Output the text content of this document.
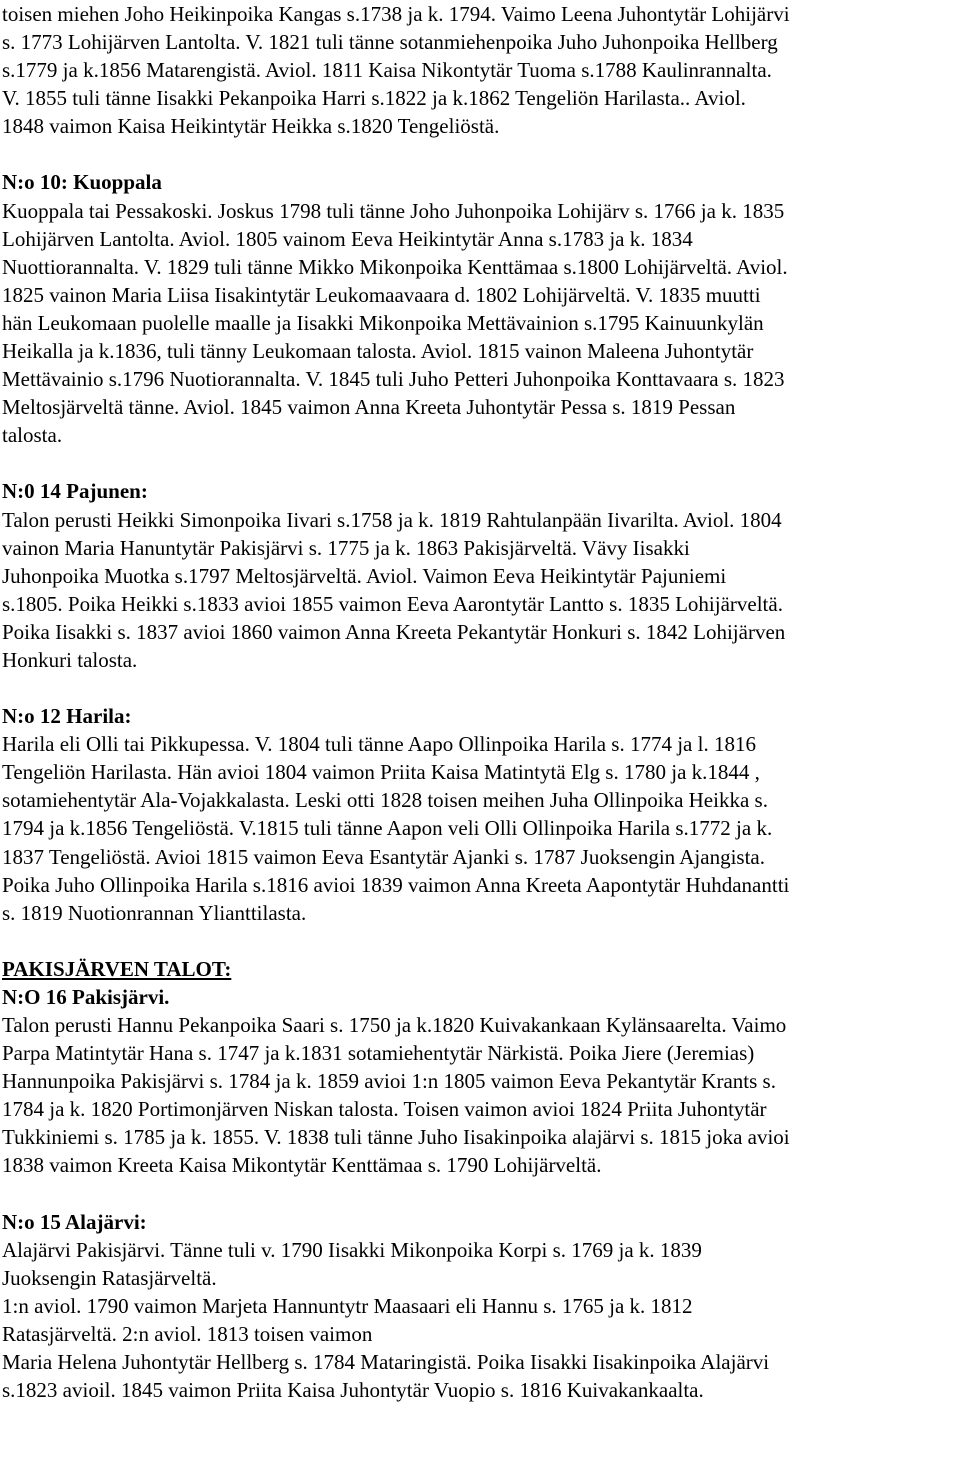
toisen miehen Joho Heikinpoika Kangas s.1738 ja k. 1794. Vaimo Leena Juhontytär Lohijärvi
s. 1773 Lohijärven Lantolta. V. 1821 tuli tänne sotanmiehenpoika Juho Juhonpoika Hellberg
s.1779 ja k.1856 Matarengistä. Aviol. 1811 Kaisa Nikontytär Tuoma s.1788 Kaulinrannalta.
V. 1855 tuli tänne Iisakki Pekanpoika Harri s.1822 ja k.1862 Tengeliön Harilasta.. Aviol.
1848 vaimon Kaisa Heikintytär Heikka s.1820 Tengeliöstä.
N:o 10: Kuoppala
Kuoppala tai Pessakoski. Joskus 1798 tuli tänne Joho Juhonpoika Lohijärv s. 1766 ja k. 1835
Lohijärven Lantolta. Aviol. 1805 vainom Eeva Heikintytär Anna s.1783 ja k. 1834
Nuottiorannalta. V. 1829 tuli tänne Mikko Mikonpoika Kenttämaa s.1800 Lohijärveltä. Aviol.
1825 vainon Maria Liisa Iisakintytär Leukomaavaara d. 1802 Lohijärveltä. V. 1835 muutti
hän Leukomaan puolelle maalle ja Iisakki Mikonpoika Mettävainion s.1795 Kainuunkylän
Heikalla ja k.1836, tuli tänny Leukomaan talosta. Aviol. 1815 vainon Maleena Juhontytär
Mettävainio s.1796 Nuotiorannalta. V. 1845 tuli Juho Petteri Juhonpoika Konttavaara s. 1823
Meltosjärveltä tänne. Aviol. 1845 vaimon Anna Kreeta Juhontytär Pessa s. 1819 Pessan
talosta.
N:0 14 Pajunen:
Talon perusti Heikki Simonpoika Iivari s.1758 ja k. 1819 Rahtulanpään Iivarilta. Aviol. 1804
vainon Maria Hanuntytär Pakisjärvi s. 1775 ja k. 1863 Pakisjärveltä. Vävy Iisakki
Juhonpoika Muotka s.1797 Meltosjärveltä. Aviol. Vaimon Eeva Heikintytär Pajuniemi
s.1805. Poika Heikki s.1833 avioi 1855 vaimon Eeva Aarontytär Lantto s. 1835 Lohijärveltä.
Poika Iisakki s. 1837 avioi 1860 vaimon Anna Kreeta Pekantytär Honkuri s. 1842 Lohijärven
Honkuri talosta.
N:o 12 Harila:
Harila eli Olli tai Pikkupessa. V. 1804 tuli tänne Aapo Ollinpoika Harila s. 1774 ja l. 1816
Tengeliön Harilasta. Hän avioi 1804 vaimon Priita Kaisa Matintytä Elg s. 1780 ja k.1844 ,
sotamiehentytär Ala-Vojakkalasta. Leski otti 1828 toisen meihen Juha Ollinpoika Heikka s.
1794 ja k.1856 Tengeliöstä. V.1815 tuli tänne Aapon veli Olli Ollinpoika Harila s.1772 ja k.
1837 Tengeliöstä. Avioi 1815 vaimon Eeva Esantytär Ajanki s. 1787 Juoksengin Ajangista.
Poika Juho Ollinpoika Harila s.1816 avioi 1839 vaimon Anna Kreeta Aapontytär Huhdanantti
s. 1819 Nuotionrannan Ylianttilasta.
PAKISJÄRVEN TALOT:
N:O 16 Pakisjärvi.
Talon perusti Hannu Pekanpoika Saari s. 1750 ja k.1820 Kuivakankaan Kylänsaarelta. Vaimo
Parpa Matintytär Hana s. 1747 ja k.1831 sotamiehentytär Närkistä. Poika Jiere (Jeremias)
Hannunpoika Pakisjärvi s. 1784 ja k. 1859 avioi 1:n 1805 vaimon Eeva Pekantytär Krants s.
1784 ja k. 1820 Portimonjärven Niskan talosta. Toisen vaimon avioi 1824 Priita Juhontytär
Tukkiniemi s. 1785 ja k. 1855. V. 1838 tuli tänne Juho Iisakinpoika alajärvi s. 1815 joka avioi
1838 vaimon Kreeta Kaisa Mikontytär Kenttämaa s. 1790 Lohijärveltä.
N:o 15 Alajärvi:
Alajärvi Pakisjärvi. Tänne tuli v. 1790 Iisakki Mikonpoika Korpi s. 1769 ja k. 1839
Juoksengin Ratasjärveltä.
1:n aviol. 1790 vaimon Marjeta Hannuntytr Maasaari eli Hannu s. 1765 ja k. 1812
Ratasjärveltä. 2:n aviol. 1813 toisen vaimon
Maria Helena Juhontytär Hellberg s. 1784 Mataringistä. Poika Iisakki Iisakinpoika Alajärvi
s.1823 avioil. 1845 vaimon Priita Kaisa Juhontytär Vuopio s. 1816 Kuivakankaalta.
